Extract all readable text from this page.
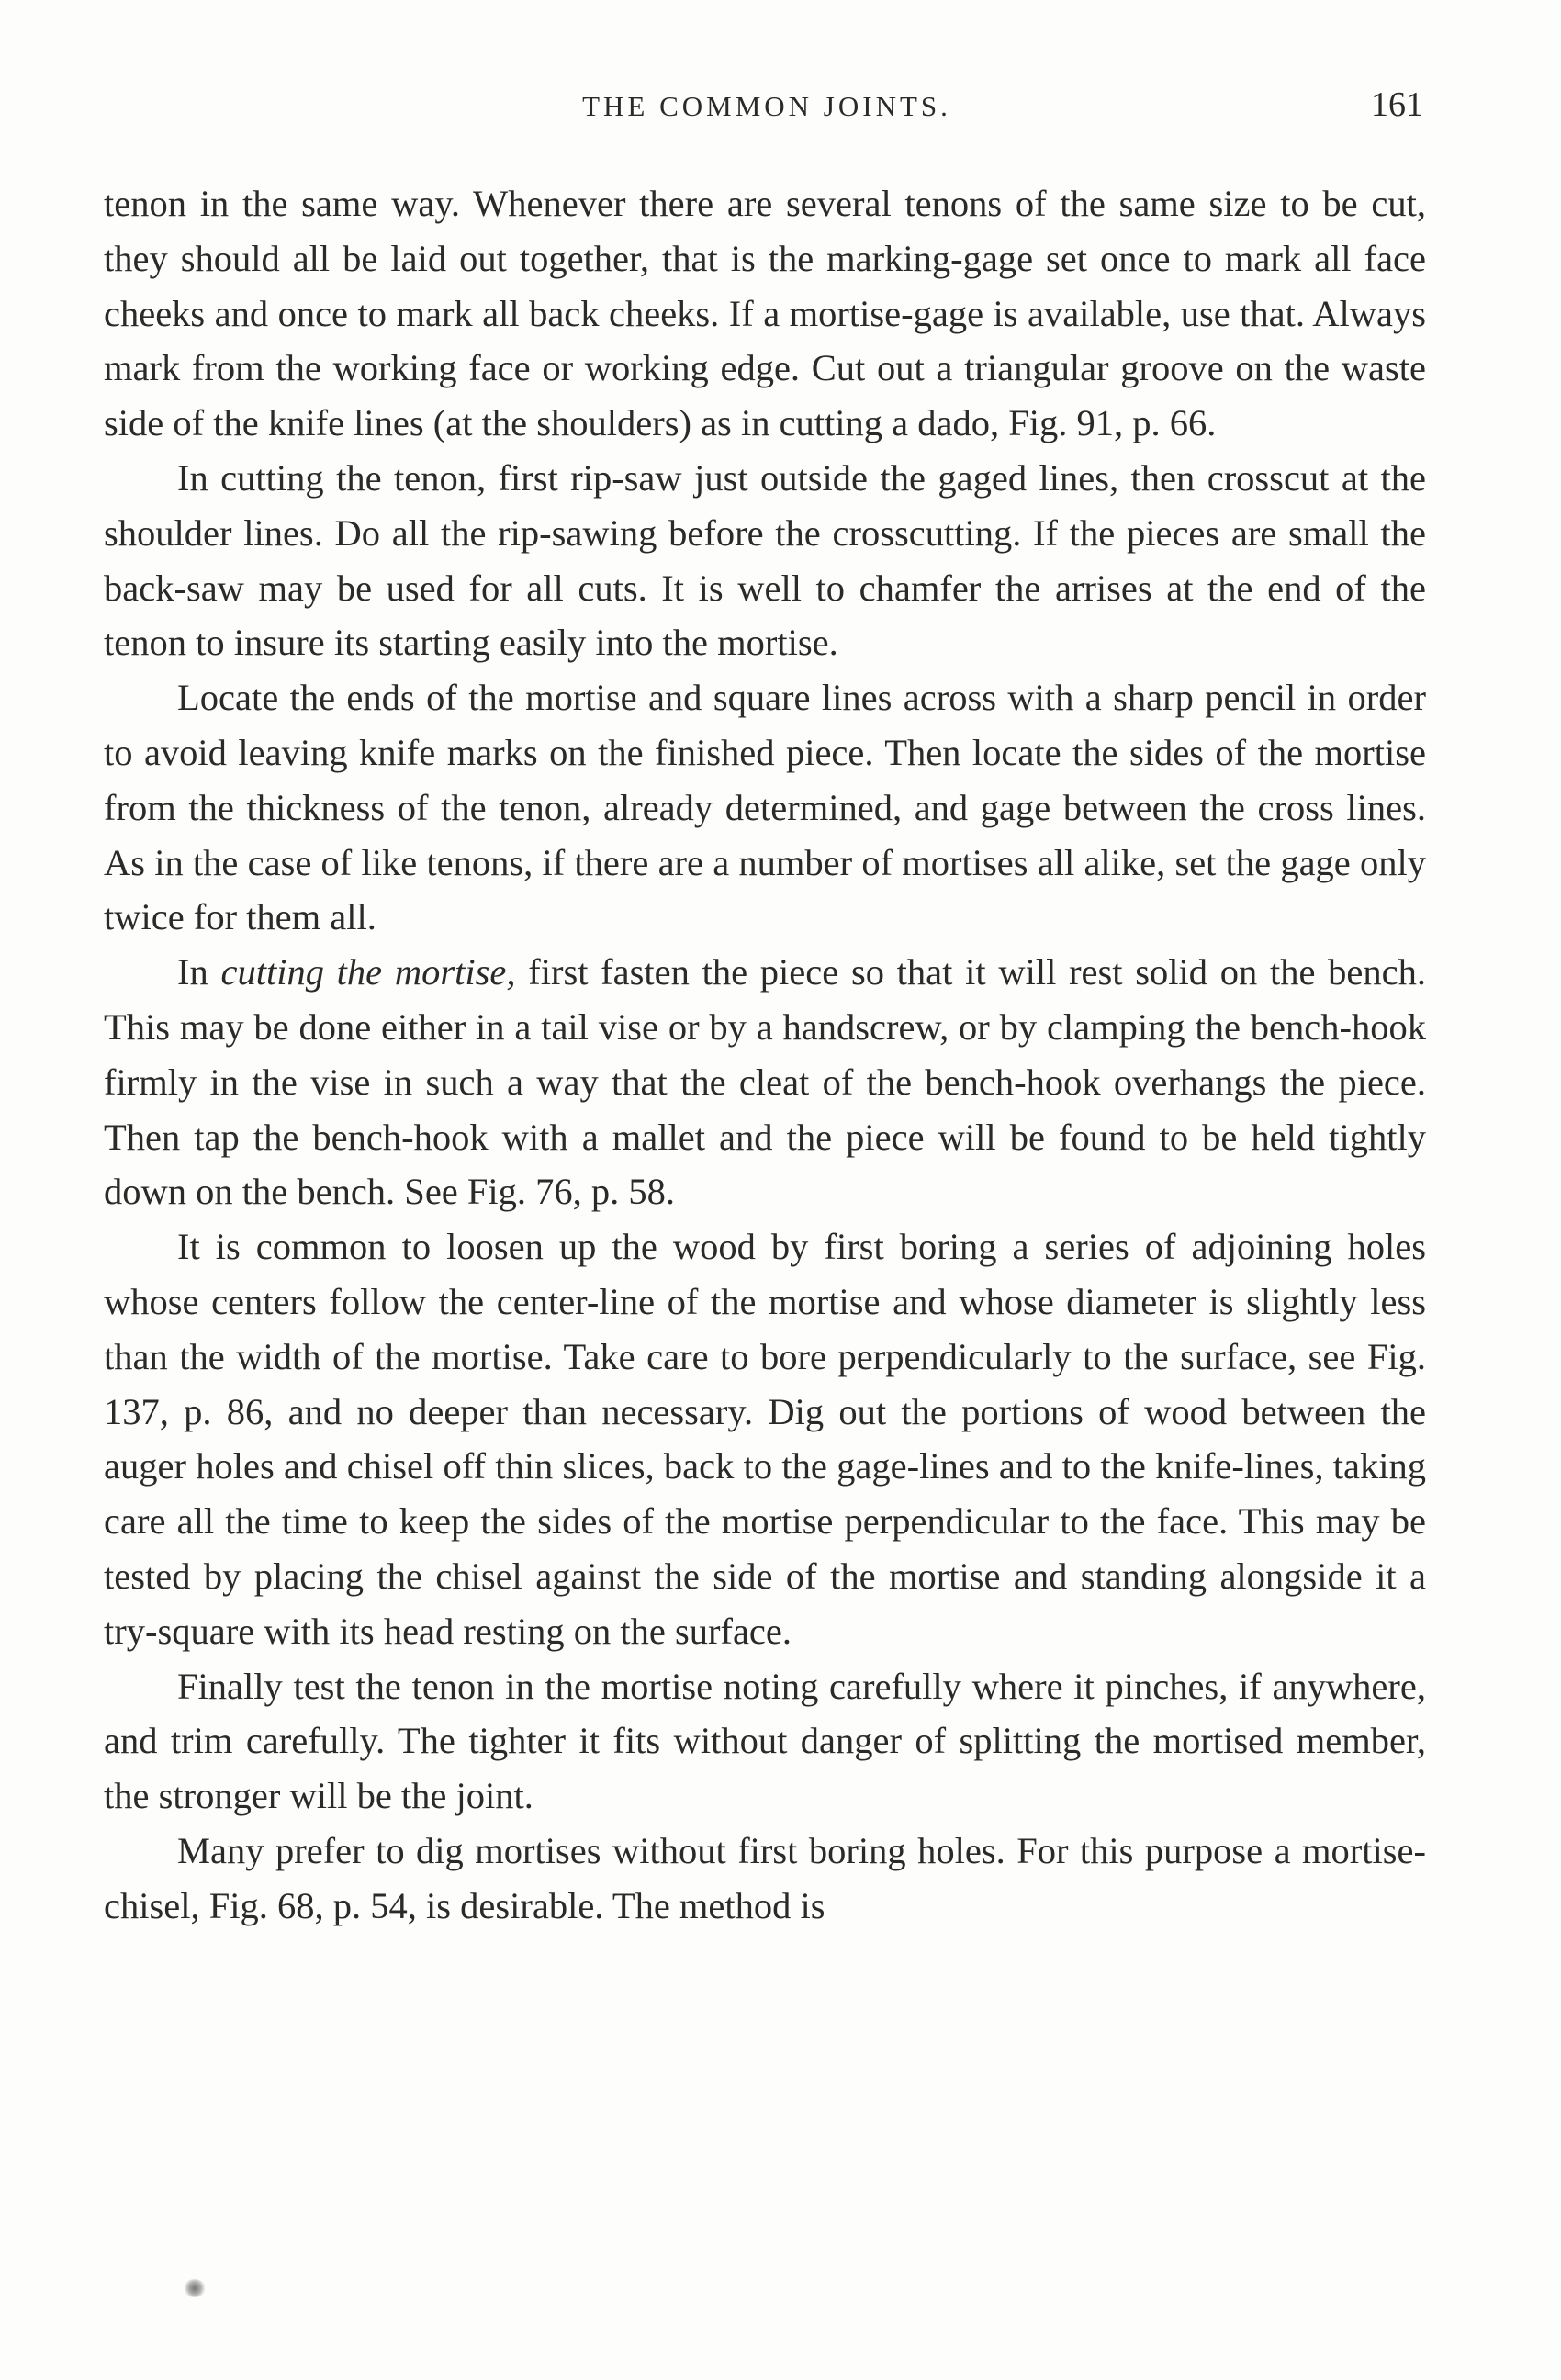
THE COMMON JOINTS.	161

tenon in the same way. Whenever there are several tenons of the same size to be cut, they should all be laid out together, that is the marking-gage set once to mark all face cheeks and once to mark all back cheeks. If a mortise-gage is available, use that. Always mark from the working face or working edge. Cut out a triangular groove on the waste side of the knife lines (at the shoulders) as in cutting a dado, Fig. 91, p. 66.

In cutting the tenon, first rip-saw just outside the gaged lines, then crosscut at the shoulder lines. Do all the rip-sawing before the crosscutting. If the pieces are small the back-saw may be used for all cuts. It is well to chamfer the arrises at the end of the tenon to insure its starting easily into the mortise.

Locate the ends of the mortise and square lines across with a sharp pencil in order to avoid leaving knife marks on the finished piece. Then locate the sides of the mortise from the thickness of the tenon, already determined, and gage between the cross lines. As in the case of like tenons, if there are a number of mortises all alike, set the gage only twice for them all.

In cutting the mortise, first fasten the piece so that it will rest solid on the bench. This may be done either in a tail vise or by a handscrew, or by clamping the bench-hook firmly in the vise in such a way that the cleat of the bench-hook overhangs the piece. Then tap the bench-hook with a mallet and the piece will be found to be held tightly down on the bench. See Fig. 76, p. 58.

It is common to loosen up the wood by first boring a series of adjoining holes whose centers follow the center-line of the mortise and whose diameter is slightly less than the width of the mortise. Take care to bore perpendicularly to the surface, see Fig. 137, p. 86, and no deeper than necessary. Dig out the portions of wood between the auger holes and chisel off thin slices, back to the gage-lines and to the knife-lines, taking care all the time to keep the sides of the mortise perpendicular to the face. This may be tested by placing the chisel against the side of the mortise and standing alongside it a try-square with its head resting on the surface.

Finally test the tenon in the mortise noting carefully where it pinches, if anywhere, and trim carefully. The tighter it fits without danger of splitting the mortised member, the stronger will be the joint.

Many prefer to dig mortises without first boring holes. For this purpose a mortise-chisel, Fig. 68, p. 54, is desirable. The method is
